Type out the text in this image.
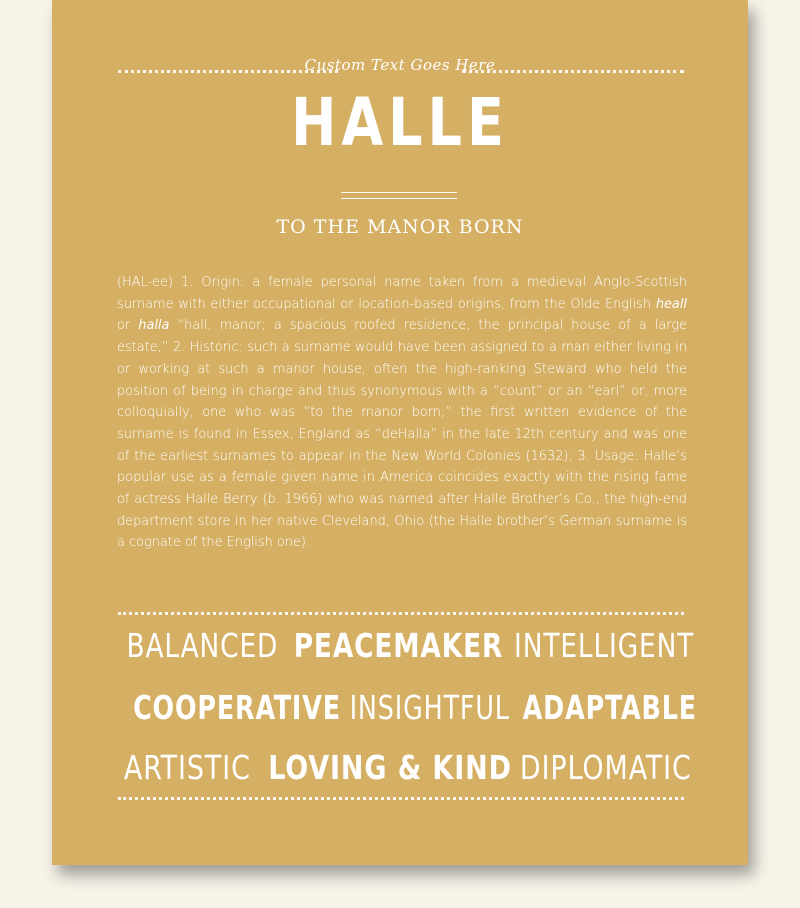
Custom Text Goes Here
HALLE
TO THE MANOR BORN
(HAL-ee) 1. Origin: a female personal name taken from a medieval Anglo-Scottish surname with either occupational or location-based origins, from the Olde English heall or halla “hall, manor; a spacious roofed residence, the principal house of a large estate;” 2. Historic: such a surname would have been assigned to a man either living in or working at such a manor house, often the high-ranking Steward who held the position of being in charge and thus synonymous with a “count” or an “earl” or, more colloquially, one who was “to the manor born;” the first written evidence of the surname is found in Essex, England as “deHalla” in the late 12th century and was one of the earliest surnames to appear in the New World Colonies (1632); 3. Usage: Halle’s popular use as a female given name in America coincides exactly with the rising fame of actress Halle Berry (b. 1966) who was named after Halle Brother’s Co., the high-end department store in her native Cleveland, Ohio (the Halle brother’s German surname is a cognate of the English one).
BALANCED PEACEMAKER INTELLIGENT
COOPERATIVE INSIGHTFUL ADAPTABLE
ARTISTIC LOVING & KIND DIPLOMATIC
